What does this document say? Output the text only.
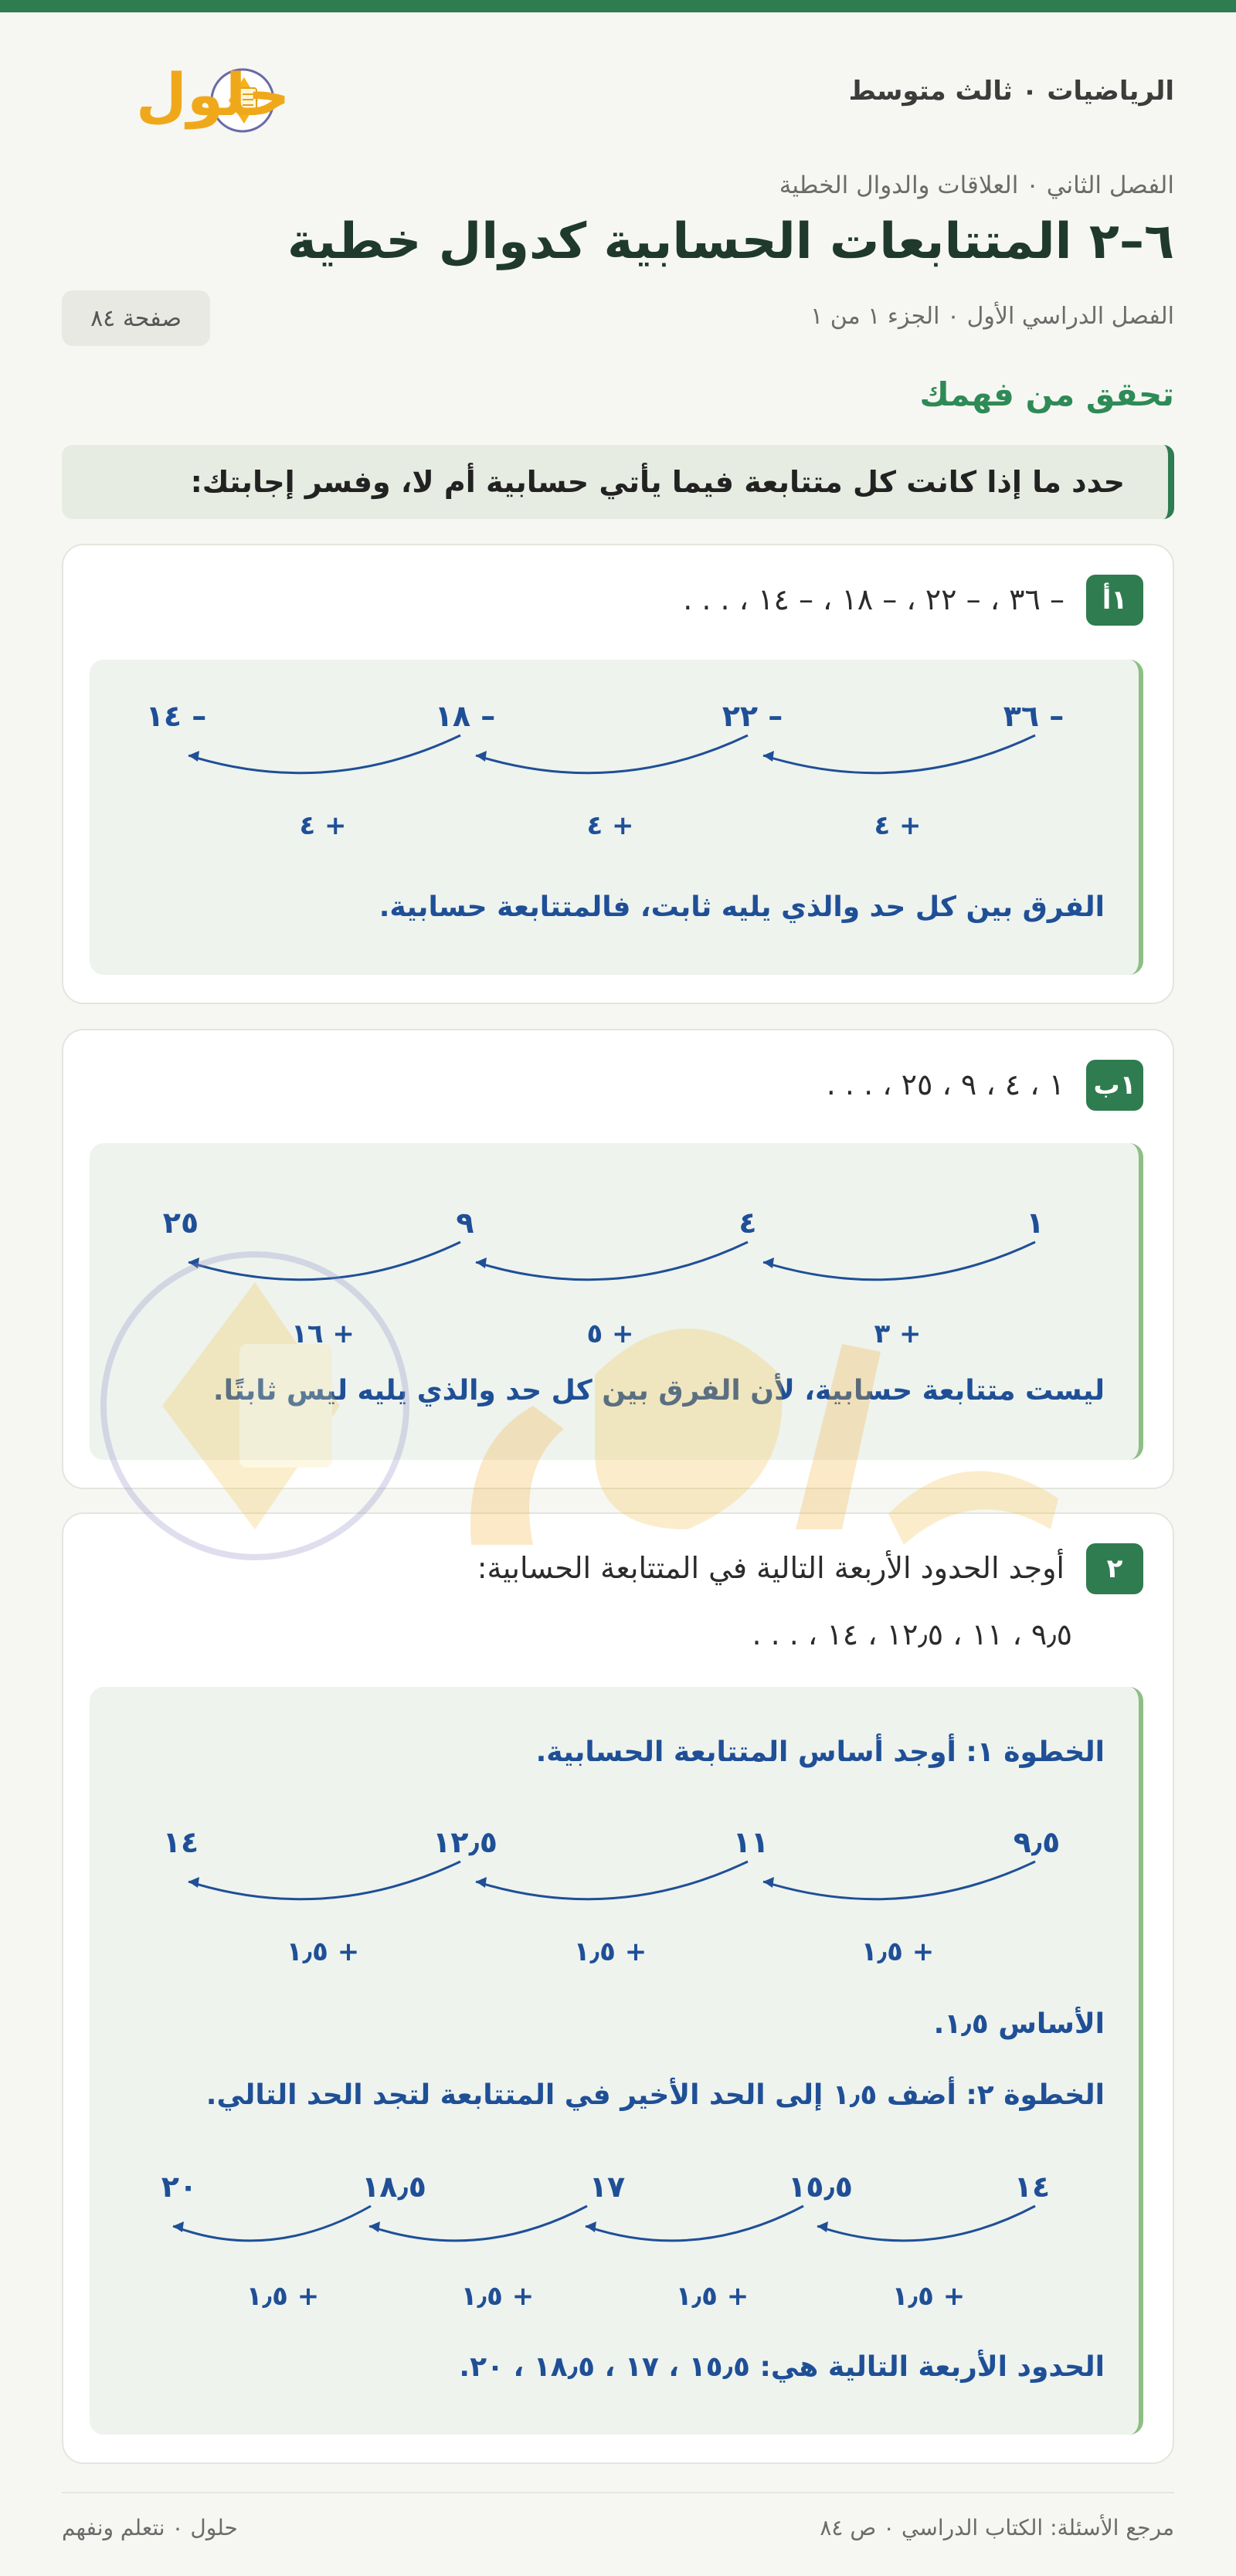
الرياضيات ۰ ثالث متوسط
حلول
الفصل الثاني ۰ العلاقات والدوال الخطية
٦–٢ المتتابعات الحسابية كدوال خطية
الفصل الدراسي الأول ۰ الجزء ١ من ١
صفحة ٨٤
تحقق من فهمك
حدد ما إذا كانت كل متتابعة فيما يأتي حسابية أم لا، وفسر إجابتك:
١أ
– ٣٦ ، – ٢٢ ، – ١٨ ، – ١٤ ، . . .
– ٣٦
– ٢٢
– ١٨
– ١٤
+ ٤
+ ٤
+ ٤
الفرق بين كل حد والذي يليه ثابت، فالمتتابعة حسابية.
١ب
١ ، ٤ ، ٩ ، ٢٥ ، . . .
١
٤
٩
٢٥
+ ٣
+ ٥
+ ١٦
ليست متتابعة حسابية، لأن الفرق بين كل حد والذي يليه ليس ثابتًا.
٢
أوجد الحدود الأربعة التالية في المتتابعة الحسابية:
٩٫٥ ، ١١ ، ١٢٫٥ ، ١٤ ، . . .
٩٫٥
١١
١٢٫٥
١٤
+ ١٫٥
+ ١٫٥
+ ١٫٥
١٤
١٥٫٥
١٧
١٨٫٥
٢٠
+ ١٫٥
+ ١٫٥
+ ١٫٥
+ ١٫٥
الخطوة ١: أوجد أساس المتتابعة الحسابية.
الأساس ١٫٥.
الخطوة ٢: أضف ١٫٥ إلى الحد الأخير في المتتابعة لتجد الحد التالي.
الحدود الأربعة التالية هي: ١٥٫٥ ، ١٧ ، ١٨٫٥ ، ٢٠.
مرجع الأسئلة: الكتاب الدراسي ۰ ص ٨٤
حلول ۰ نتعلم ونفهم
